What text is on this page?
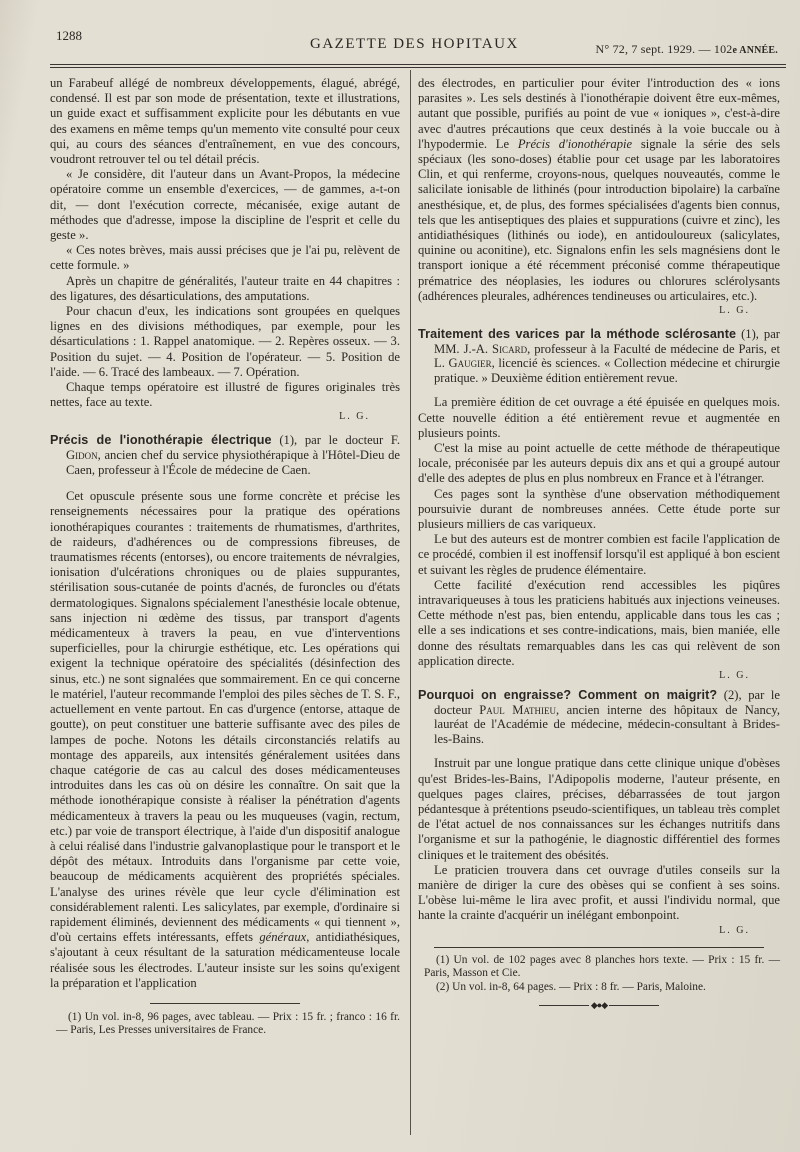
1288
GAZETTE DES HOPITAUX	N° 72, 7 sept. 1929. — 102e ANNÉE.

un Farabeuf allégé de nombreux développements, élagué, abrégé, condensé. Il est par son mode de présentation, texte et illustrations, un guide exact et suffisamment explicite pour les débutants en vue des examens en même temps qu'un memento vite consulté pour ceux qui, au cours des séances d'entraînement, en vue des concours, voudront retrouver tel ou tel détail précis.

« Je considère, dit l'auteur dans un Avant-Propos, la médecine opératoire comme un ensemble d'exercices, — de gammes, a-t-on dit, — dont l'exécution correcte, mécanisée, exige autant de méthodes que d'adresse, impose la discipline de l'esprit et celle du geste ».

« Ces notes brèves, mais aussi précises que je l'ai pu, relèvent de cette formule. »

Après un chapitre de généralités, l'auteur traite en 44 chapitres : des ligatures, des désarticulations, des amputations.

Pour chacun d'eux, les indications sont groupées en quelques lignes en des divisions méthodiques, par exemple, pour les désarticulations : 1. Rappel anatomique. — 2. Repères osseux. — 3. Position du sujet. — 4. Position de l'opérateur. — 5. Position de l'aide. — 6. Tracé des lambeaux. — 7. Opération.

Chaque temps opératoire est illustré de figures originales très nettes, face au texte.

L. G.

Précis de l'ionothérapie électrique (1), par le docteur F. Gidon, ancien chef du service physiothérapique à l'Hôtel-Dieu de Caen, professeur à l'École de médecine de Caen.

Cet opuscule présente sous une forme concrète et précise les renseignements nécessaires pour la pratique des opérations ionothérapiques courantes : traitements de rhumatismes, d'arthrites, de raideurs, d'adhérences ou de compressions fibreuses, de traumatismes récents (entorses), ou encore traitements de névralgies, ionisation d'ulcérations chroniques ou de plaies suppurantes, stérilisation sous-cutanée de points d'acnés, de furoncles ou d'états dermatologiques. Signalons spécialement l'anesthésie locale obtenue, sans injection ni œdème des tissus, par transport d'agents médicamenteux à travers la peau, en vue d'interventions superficielles, pour la chirurgie esthétique, etc. Les opérations qui exigent la technique opératoire des spécialités (désinfection des sinus, etc.) ne sont signalées que sommairement. En ce qui concerne le matériel, l'auteur recommande l'emploi des piles sèches de T. S. F., actuellement en vente partout. En cas d'urgence (entorse, attaque de goutte), on peut constituer une batterie suffisante avec des piles de lampes de poche. Notons les détails circonstanciés relatifs au montage des appareils, aux intensités généralement usitées dans chaque catégorie de cas au calcul des doses médicamenteuses introduites dans les cas où on désire les connaître. On sait que la méthode ionothérapique consiste à réaliser la pénétration d'agents médicamenteux à travers la peau ou les muqueuses (vagin, rectum, etc.) par voie de transport électrique, à l'aide d'un dispositif analogue à celui réalisé dans l'industrie galvanoplastique pour le transport et le dépôt des métaux. Introduits dans l'organisme par cette voie, beaucoup de médicaments acquièrent des propriétés spéciales. L'analyse des urines révèle que leur cycle d'élimination est considérablement ralenti. Les salicylates, par exemple, d'ordinaire si rapidement éliminés, deviennent des médicaments « qui tiennent », d'où certains effets intéressants, effets généraux, antidiathésiques, s'ajoutant à ceux résultant de la saturation médicamenteuse locale réalisée sous les électrodes. L'auteur insiste sur les soins qu'exigent la préparation et l'application

(1) Un vol. in-8, 96 pages, avec tableau. — Prix : 15 fr. ; franco : 16 fr. — Paris, Les Presses universitaires de France.

des électrodes, en particulier pour éviter l'introduction des « ions parasites ». Les sels destinés à l'ionothérapie doivent être eux-mêmes, autant que possible, purifiés au point de vue « ioniques », c'est-à-dire avec d'autres précautions que ceux destinés à la voie buccale ou à l'hypodermie. Le Précis d'ionothérapie signale la série des sels spéciaux (les sono-doses) établie pour cet usage par les laboratoires Clin, et qui renferme, croyons-nous, quelques nouveautés, comme le salicilate ionisable de lithinés (pour introduction bipolaire) la carbaïne anesthésique, et, de plus, des formes spécialisées d'agents bien connus, tels que les antiseptiques des plaies et suppurations (cuivre et zinc), les antidiathésiques (lithinés ou iode), en antidouloureux (salicylates, quinine ou aconitine), etc. Signalons enfin les sels magnésiens dont le transport ionique a été récemment préconisé comme thérapeutique prématrice des néoplasies, les iodures ou chlorures sclérolysants (adhérences pleurales, adhérences tendineuses ou articulaires, etc.).

L. G.

Traitement des varices par la méthode sclérosante (1), par MM. J.-A. Sicard, professeur à la Faculté de médecine de Paris, et L. Gaugier, licencié ès sciences. « Collection médecine et chirurgie pratique. » Deuxième édition entièrement revue.

La première édition de cet ouvrage a été épuisée en quelques mois. Cette nouvelle édition a été entièrement revue et augmentée en plusieurs points.

C'est la mise au point actuelle de cette méthode de thérapeutique locale, préconisée par les auteurs depuis dix ans et qui a groupé autour d'elle des adeptes de plus en plus nombreux en France et à l'étranger.

Ces pages sont la synthèse d'une observation méthodiquement poursuivie durant de nombreuses années. Cette étude porte sur plusieurs milliers de cas variqueux.

Le but des auteurs est de montrer combien est facile l'application de ce procédé, combien il est inoffensif lorsqu'il est appliqué à bon escient et suivant les règles de prudence élémentaire.

Cette facilité d'exécution rend accessibles les piqûres intravariqueuses à tous les praticiens habitués aux injections veineuses. Cette méthode n'est pas, bien entendu, applicable dans tous les cas ; elle a ses indications et ses contre-indications, mais, bien maniée, elle donne des résultats remarquables dans les cas qui relèvent de son application directe.

L. G.

Pourquoi on engraisse? Comment on maigrit? (2), par le docteur Paul Mathieu, ancien interne des hôpitaux de Nancy, lauréat de l'Académie de médecine, médecin-consultant à Brides-les-Bains.

Instruit par une longue pratique dans cette clinique unique d'obèses qu'est Brides-les-Bains, l'Adipopolis moderne, l'auteur présente, en quelques pages claires, précises, débarrassées de tout jargon pédantesque à prétentions pseudo-scientifiques, un tableau très complet de l'état actuel de nos connaissances sur les échanges nutritifs dans l'organisme et sur la pathogénie, le diagnostic différentiel des formes cliniques et le traitement des obésités.

Le praticien trouvera dans cet ouvrage d'utiles conseils sur la manière de diriger la cure des obèses qui se confient à ses soins. L'obèse lui-même le lira avec profit, et aussi l'individu normal, que hante la crainte d'acquérir un inélégant embonpoint.

L. G.

(1) Un vol. de 102 pages avec 8 planches hors texte. — Prix : 15 fr. — Paris, Masson et Cie.

(2) Un vol. in-8, 64 pages. — Prix : 8 fr. — Paris, Maloine.

◆●◆
